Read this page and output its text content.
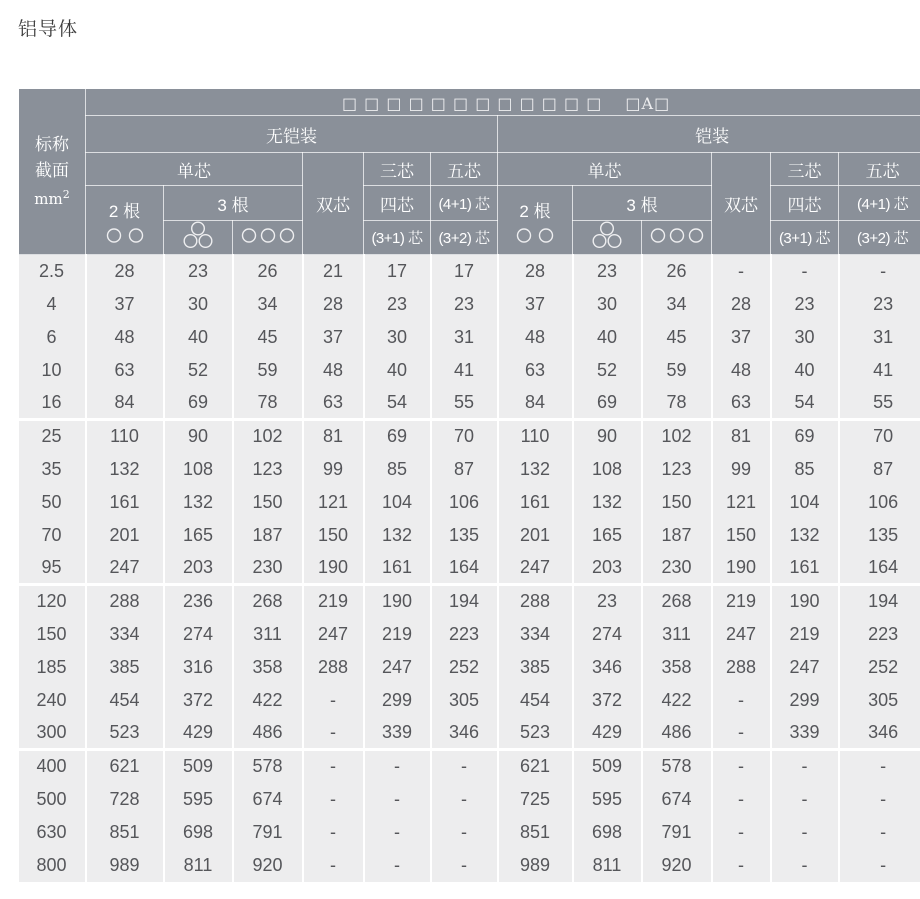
铝导体
标称
截面
$mm^2$	□ □ □ □ □ □ □ □ □ □ □ □ 　□A□											
	无铠装						铠装					
	单芯			双芯	三芯	五芯	单芯			双芯	三芯	五芯

	2 根	3 根			四芯	(4+1) 芯	2 根	3 根			四芯	(4+1) 芯

	(3+1) 芯	(3+2) 芯					(3+1) 芯	(3+2) 芯
2.5	28	23	26	21	17	17	28	23	26	-	-	-
4	37	30	34	28	23	23	37	30	34	28	23	23
6	48	40	45	37	30	31	48	40	45	37	30	31
10	63	52	59	48	40	41	63	52	59	48	40	41
16	84	69	78	63	54	55	84	69	78	63	54	55
25	110	90	102	81	69	70	110	90	102	81	69	70
35	132	108	123	99	85	87	132	108	123	99	85	87
50	161	132	150	121	104	106	161	132	150	121	104	106
70	201	165	187	150	132	135	201	165	187	150	132	135
95	247	203	230	190	161	164	247	203	230	190	161	164
120	288	236	268	219	190	194	288	23	268	219	190	194
150	334	274	311	247	219	223	334	274	311	247	219	223
185	385	316	358	288	247	252	385	346	358	288	247	252
240	454	372	422	-	299	305	454	372	422	-	299	305
300	523	429	486	-	339	346	523	429	486	-	339	346
400	621	509	578	-	-	-	621	509	578	-	-	-
500	728	595	674	-	-	-	725	595	674	-	-	-
630	851	698	791	-	-	-	851	698	791	-	-	-
800	989	811	920	-	-	-	989	811	920	-	-	-
